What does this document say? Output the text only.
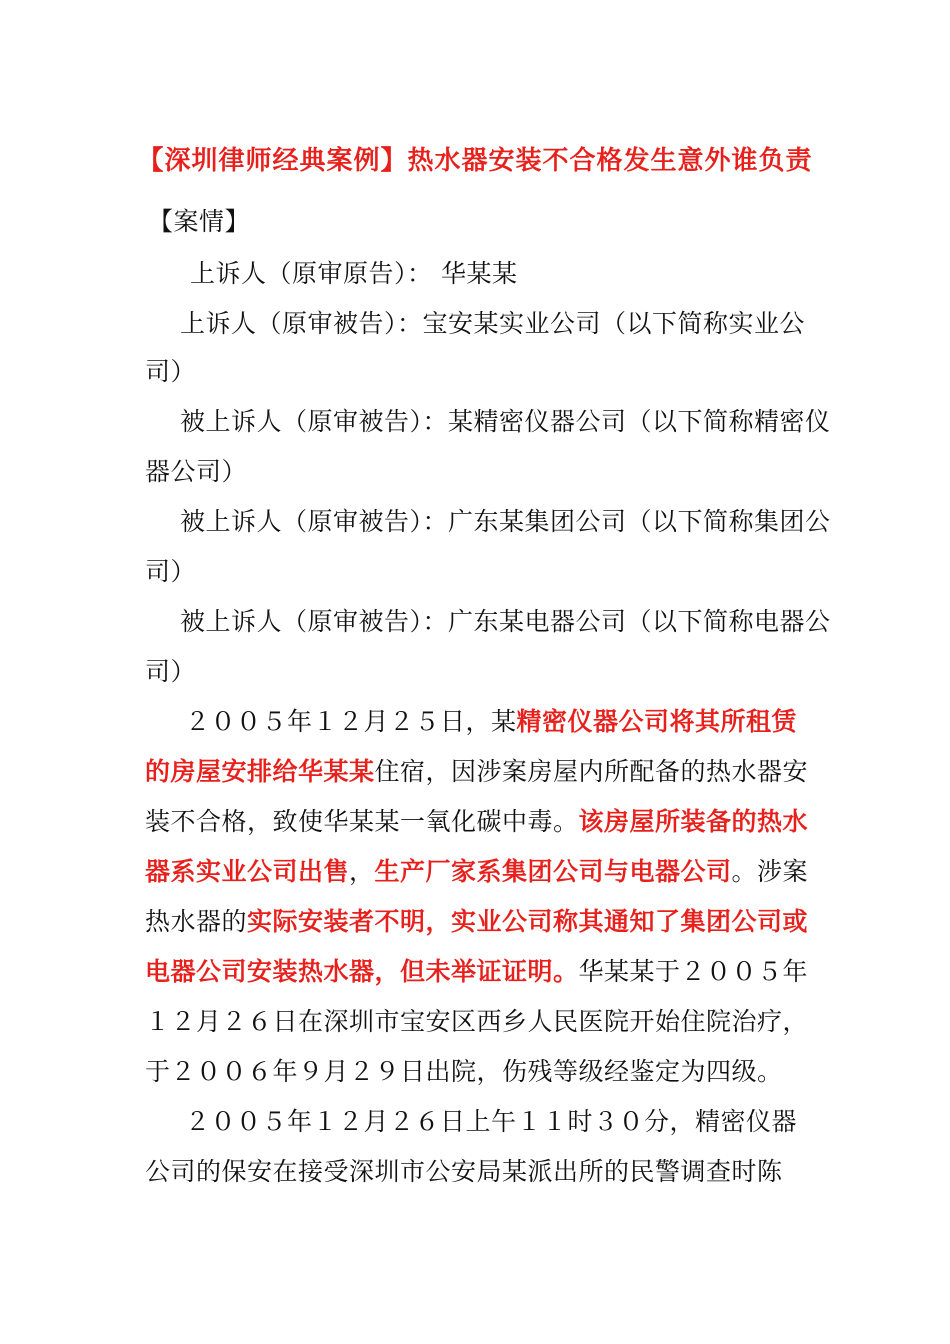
【深圳律师经典案例】热水器安装不合格发生意外谁负责
【案情】
上诉人（原审原告）： 华某某
上诉人（原审被告）：宝安某实业公司（以下简称实业公
司）
被上诉人（原审被告）：某精密仪器公司（以下简称精密仪
器公司）
被上诉人（原审被告）：广东某集团公司（以下简称集团公
司）
被上诉人（原审被告）：广东某电器公司（以下简称电器公
司）
２００５年１２月２５日，某精密仪器公司将其所租赁
的房屋安排给华某某住宿，因涉案房屋内所配备的热水器安
装不合格，致使华某某一氧化碳中毒。该房屋所装备的热水
器系实业公司出售，生产厂家系集团公司与电器公司。涉案
热水器的实际安装者不明，实业公司称其通知了集团公司或
电器公司安装热水器，但未举证证明。华某某于２００５年
１２月２６日在深圳市宝安区西乡人民医院开始住院治疗，
于２００６年９月２９日出院，伤残等级经鉴定为四级。
２００５年１２月２６日上午１１时３０分，精密仪器
公司的保安在接受深圳市公安局某派出所的民警调查时陈
